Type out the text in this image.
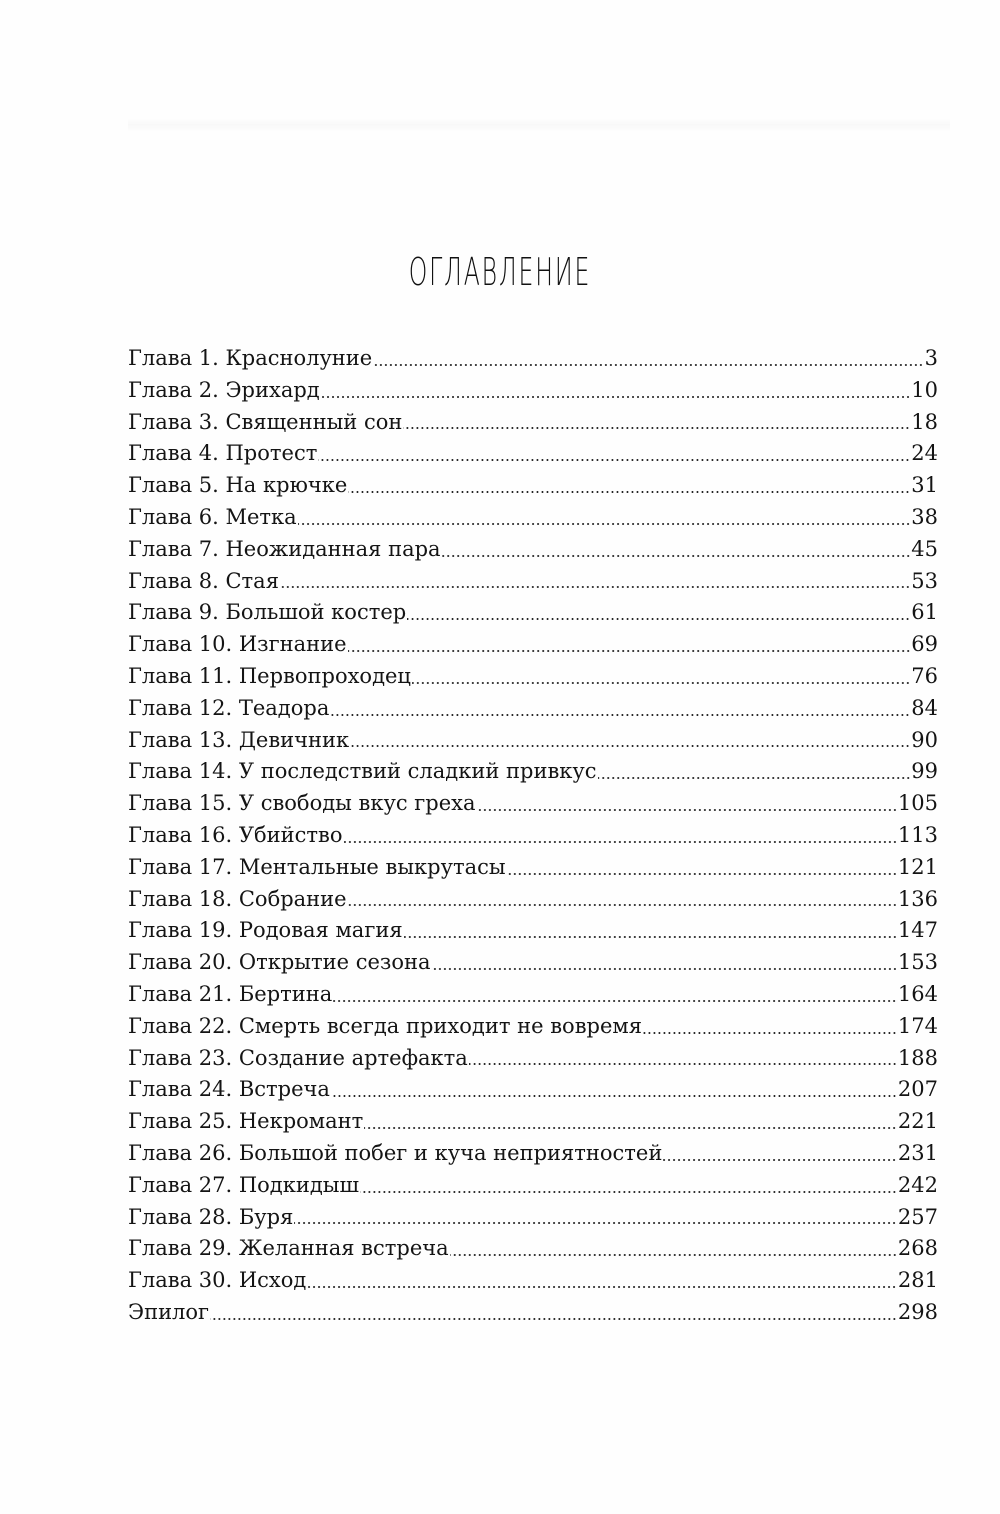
ОГЛАВЛЕНИЕ
Глава 1. Краснолуние	3
Глава 2. Эрихард	10
Глава 3. Священный сон	18
Глава 4. Протест	24
Глава 5. На крючке	31
Глава 6. Метка	38
Глава 7. Неожиданная пара	45
Глава 8. Стая	53
Глава 9. Большой костер	61
Глава 10. Изгнание	69
Глава 11. Первопроходец	76
Глава 12. Теадора	84
Глава 13. Девичник	90
Глава 14. У последствий сладкий привкус	99
Глава 15. У свободы вкус греха	105
Глава 16. Убийство	113
Глава 17. Ментальные выкрутасы	121
Глава 18. Собрание	136
Глава 19. Родовая магия	147
Глава 20. Открытие сезона	153
Глава 21. Бертина	164
Глава 22. Смерть всегда приходит не вовремя	174
Глава 23. Создание артефакта	188
Глава 24. Встреча	207
Глава 25. Некромант	221
Глава 26. Большой побег и куча неприятностей	231
Глава 27. Подкидыш	242
Глава 28. Буря	257
Глава 29. Желанная встреча	268
Глава 30. Исход	281
Эпилог	298
